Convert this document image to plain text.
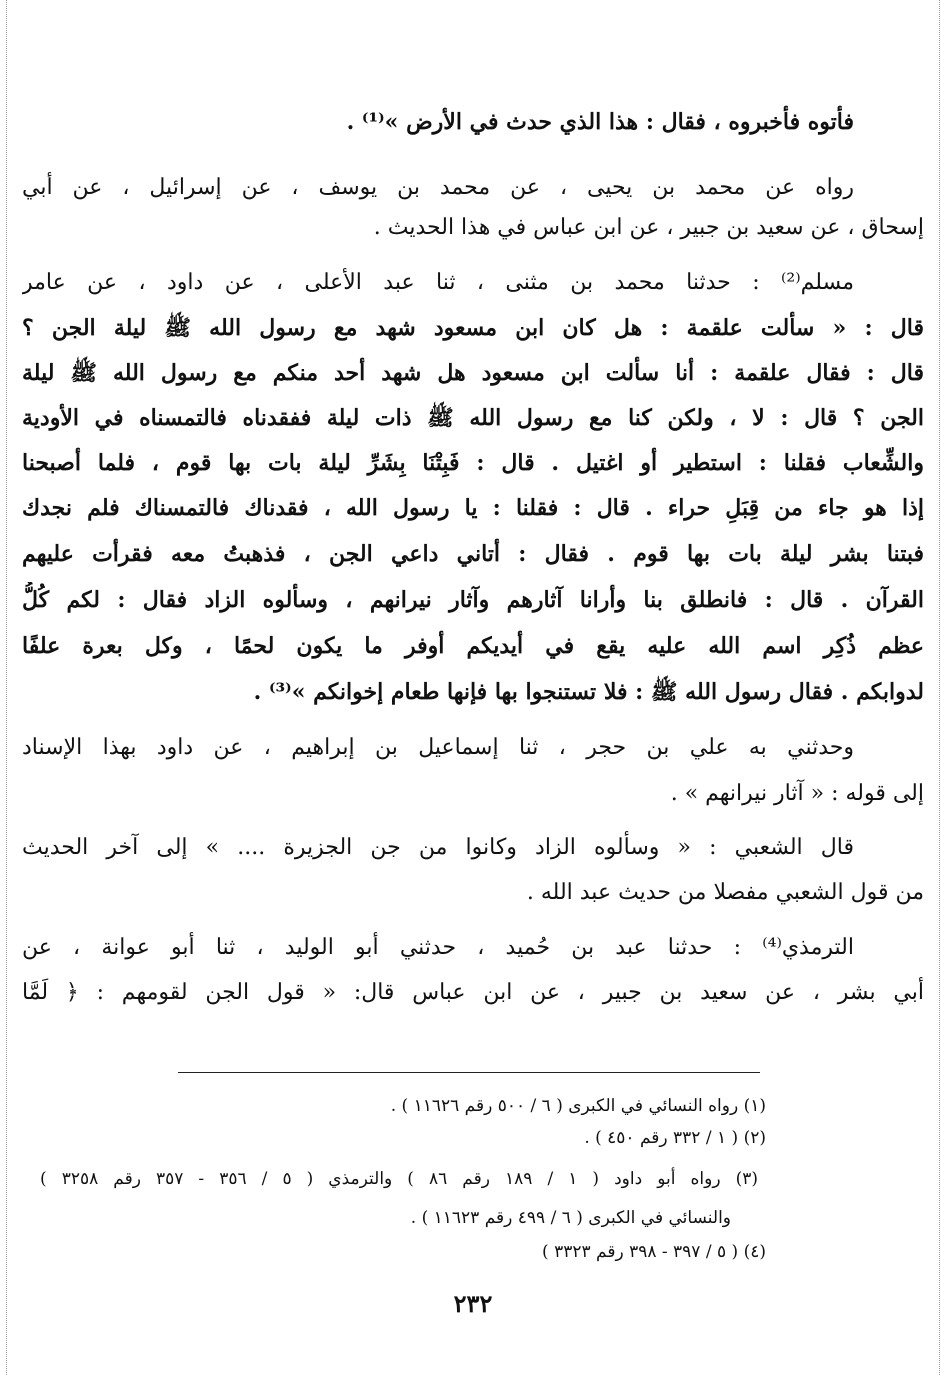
فأتوه فأخبروه ، فقال : هذا الذي حدث في الأرض »⁽¹⁾ .
رواه عن محمد بن يحيى ، عن محمد بن يوسف ، عن إسرائيل ، عن أبي
إسحاق ، عن سعيد بن جبير ، عن ابن عباس في هذا الحديث .
مسلم⁽²⁾ : حدثنا محمد بن مثنى ، ثنا عبد الأعلى ، عن داود ، عن عامر
قال : « سألت علقمة : هل كان ابن مسعود شهد مع رسول الله ﷺ ليلة الجن ؟
قال : فقال علقمة : أنا سألت ابن مسعود هل شهد أحد منكم مع رسول الله ﷺ ليلة
الجن ؟ قال : لا ، ولكن كنا مع رسول الله ﷺ ذات ليلة ففقدناه فالتمسناه في الأودية
والشِّعاب فقلنا : استطير أو اغتيل . قال : فَبِتْنَا بِشَرِّ ليلة بات بها قوم ، فلما أصبحنا
إذا هو جاء من قِبَلِ حراء . قال : فقلنا : يا رسول الله ، فقدناك فالتمسناك فلم نجدك
فبتنا بشر ليلة بات بها قوم . فقال : أتاني داعي الجن ، فذهبتُ معه فقرأت عليهم
القرآن . قال : فانطلق بنا وأرانا آثارهم وآثار نيرانهم ، وسألوه الزاد فقال : لكم كُلُّ
عظم ذُكِر اسم الله عليه يقع في أيديكم أوفر ما يكون لحمًا ، وكل بعرة علفًا
لدوابكم . فقال رسول الله ﷺ : فلا تستنجوا بها فإنها طعام إخوانكم »⁽³⁾ .
وحدثني به علي بن حجر ، ثنا إسماعيل بن إبراهيم ، عن داود بهذا الإسناد
إلى قوله : « آثار نيرانهم » .
قال الشعبي : « وسألوه الزاد وكانوا من جن الجزيرة .... » إلى آخر الحديث
من قول الشعبي مفصلا من حديث عبد الله .
الترمذي⁽⁴⁾ : حدثنا عبد بن حُميد ، حدثني أبو الوليد ، ثنا أبو عوانة ، عن
أبي بشر ، عن سعيد بن جبير ، عن ابن عباس قال: « قول الجن لقومهم : ﴿ لَمَّا
(١) رواه النسائي في الكبرى ( ٦ / ٥٠٠ رقم ١١٦٢٦ ) .
(٢) ( ١ / ٣٣٢ رقم ٤٥٠ ) .
(٣) رواه أبو داود ( ١ / ١٨٩ رقم ٨٦ ) والترمذي ( ٥ / ٣٥٦ - ٣٥٧ رقم ٣٢٥٨ )
والنسائي في الكبرى ( ٦ / ٤٩٩ رقم ١١٦٢٣ ) .
(٤) ( ٥ / ٣٩٧ - ٣٩٨ رقم ٣٣٢٣ )
٢٣٢
